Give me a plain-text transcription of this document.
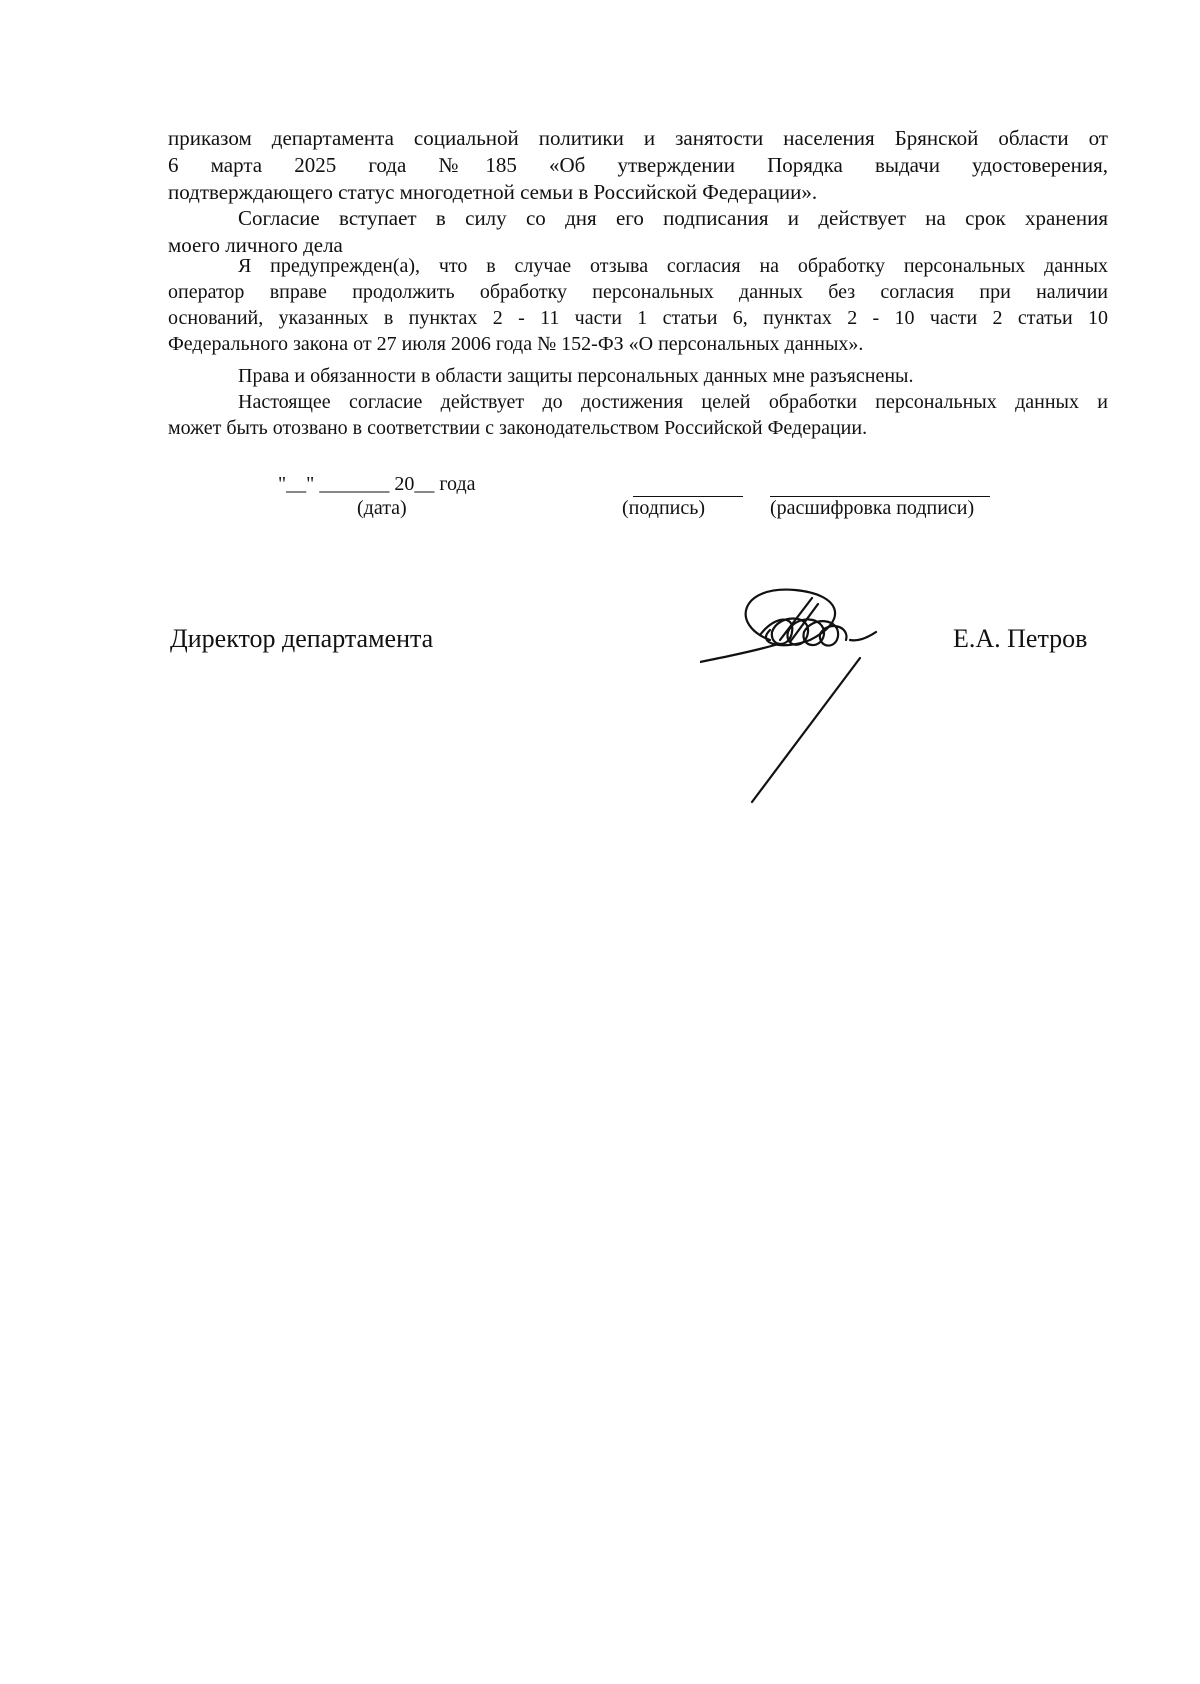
приказом департамента социальной политики и занятости населения Брянской области от
6 марта 2025 года №185 «Об утверждении Порядка выдачи удостоверения,
подтверждающего статус многодетной семьи в Российской Федерации».
Согласие вступает в силу со дня его подписания и действует на срок хранения
моего личного дела
Я предупрежден(а), что в случае отзыва согласия на обработку персональных данных
оператор вправе продолжить обработку персональных данных без согласия при наличии
оснований, указанных в пунктах 2 - 11 части 1 статьи 6, пунктах 2 - 10 части 2 статьи 10
Федерального закона от 27 июля 2006 года № 152-ФЗ «О персональных данных».
Права и обязанности в области защиты персональных данных мне разъяснены.
Настоящее согласие действует до достижения целей обработки персональных данных и
может быть отозвано в соответствии с законодательством Российской Федерации.
"__" _______ 20__ года
(дата)	(подпись)	(расшифровка подписи)
Директор департамента	Е.А. Петров
